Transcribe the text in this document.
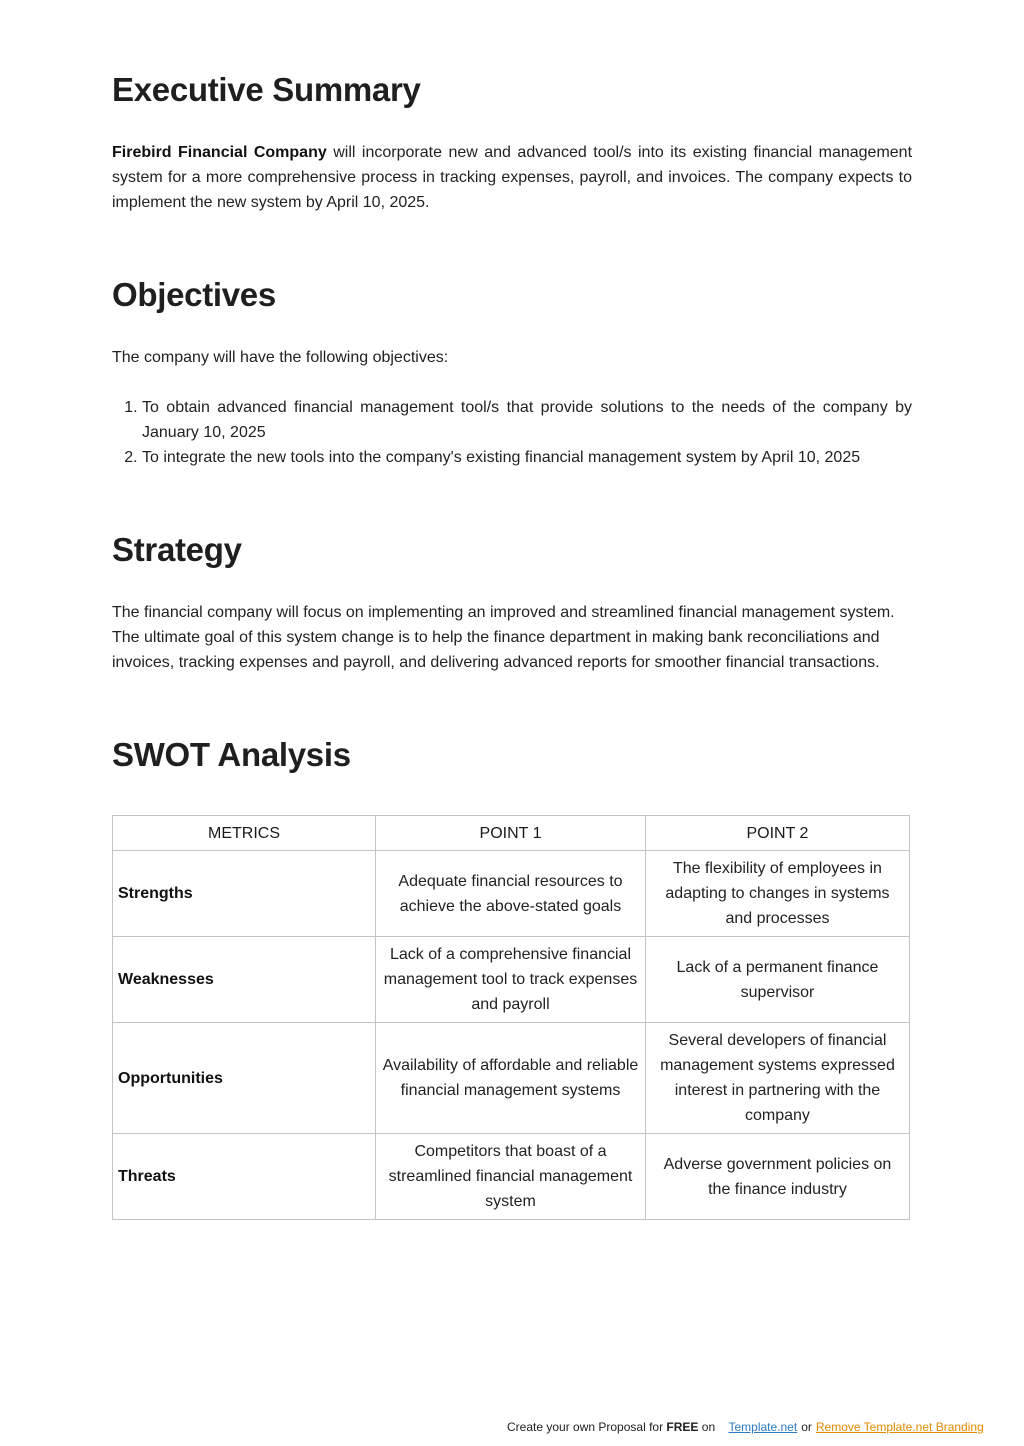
Executive Summary

Firebird Financial Company will incorporate new and advanced tool/s into its existing financial management system for a more comprehensive process in tracking expenses, payroll, and invoices. The company expects to implement the new system by April 10, 2025.

Objectives

The company will have the following objectives:

1. To obtain advanced financial management tool/s that provide solutions to the needs of the company by January 10, 2025
2. To integrate the new tools into the company's existing financial management system by April 10, 2025
Strategy

The financial company will focus on implementing an improved and streamlined financial management system. The ultimate goal of this system change is to help the finance department in making bank reconciliations and invoices, tracking expenses and payroll, and delivering advanced reports for smoother financial transactions.

SWOT Analysis
METRICS	POINT 1	POINT 2
Strengths	Adequate financial resources to achieve the above-stated goals	The flexibility of employees in adapting to changes in systems and processes
Weaknesses	Lack of a comprehensive financial management tool to track expenses and payroll	Lack of a permanent finance supervisor
Opportunities	Availability of affordable and reliable financial management systems	Several developers of financial management systems expressed interest in partnering with the company
Threats	Competitors that boast of a streamlined financial management system	Adverse government policies on the finance industry
Create your own Proposal for FREE on Template.net or Remove Template.net Branding
